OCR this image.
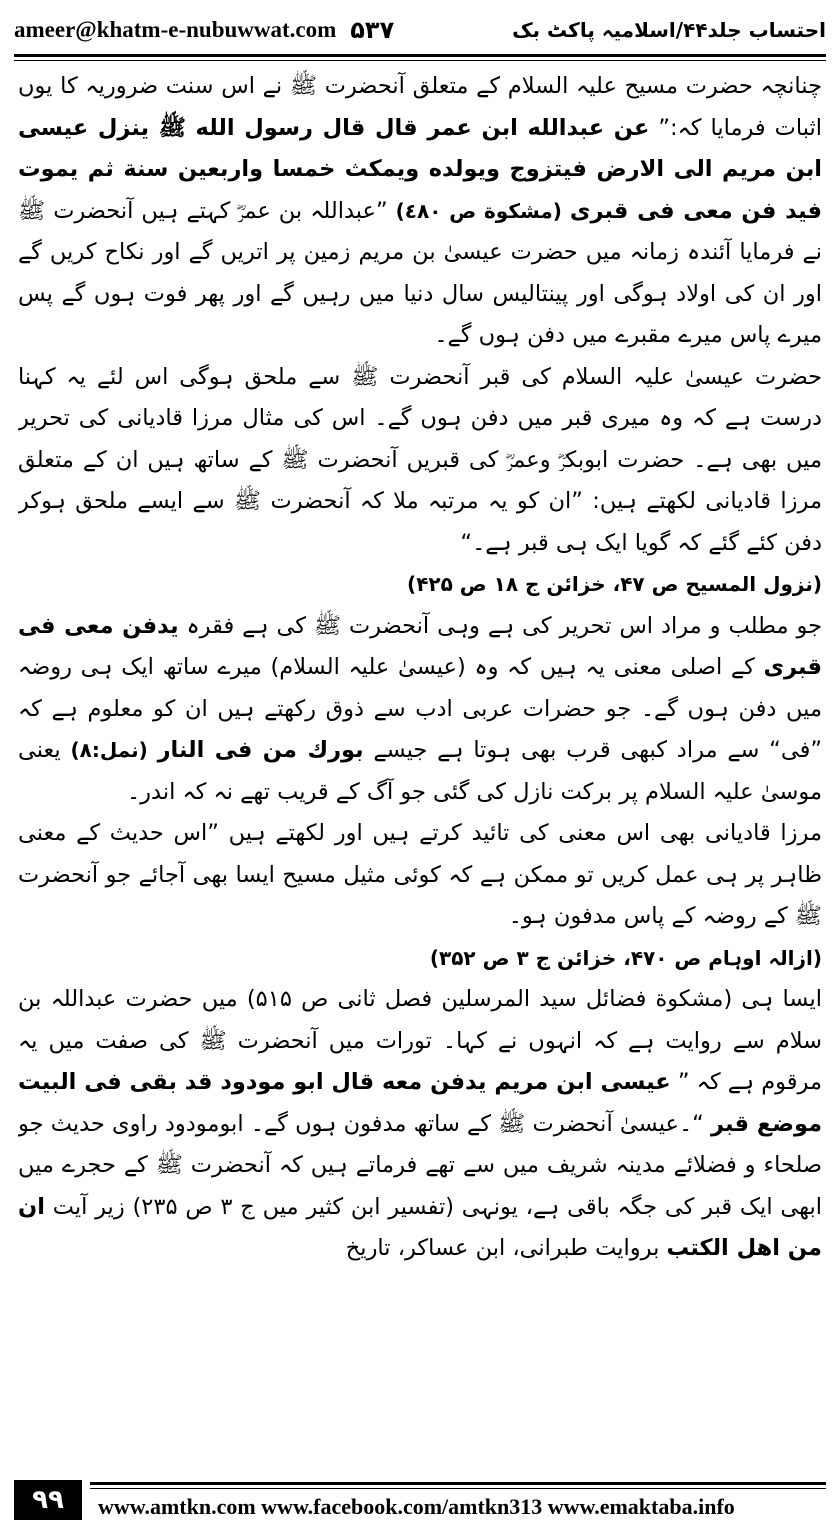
ameer@khatm-e-nubuwwat.com ۵۳۷	احتساب جلد۴۴/اسلامیہ پاکٹ بک

چنانچہ حضرت مسیح علیہ السلام کے متعلق آنحضرت ﷺ نے اس سنت ضروریہ کا یوں اثبات فرمایا کہ:” عن عبدالله ابن عمر قال قال رسول الله ﷺ ینزل عیسی ابن مریم الی الارض فیتزوج ویولده ویمکث خمسا واربعین سنة ثم یموت فید فن معی فی قبری (مشکوة ص ٤٨٠) ”عبداللہ بن عمرؓ کہتے ہیں آنحضرت ﷺ نے فرمایا آئندہ زمانہ میں حضرت عیسیٰ بن مریم زمین پر اتریں گے اور نکاح کریں گے اور ان کی اولاد ہوگی اور پینتالیس سال دنیا میں رہیں گے اور پھر فوت ہوں گے پس میرے پاس میرے مقبرے میں دفن ہوں گے۔

حضرت عیسیٰ علیہ السلام کی قبر آنحضرت ﷺ سے ملحق ہوگی اس لئے یہ کہنا درست ہے کہ وہ میری قبر میں دفن ہوں گے۔ اس کی مثال مرزا قادیانی کی تحریر میں بھی ہے۔ حضرت ابوبکرؓ وعمرؓ کی قبریں آنحضرت ﷺ کے ساتھ ہیں ان کے متعلق مرزا قادیانی لکھتے ہیں: ”ان کو یہ مرتبہ ملا کہ آنحضرت ﷺ سے ایسے ملحق ہوکر دفن کئے گئے کہ گویا ایک ہی قبر ہے۔“
(نزول المسیح ص ۴۷، خزائن ج ۱۸ ص ۴۲۵)

جو مطلب و مراد اس تحریر کی ہے وہی آنحضرت ﷺ کی ہے فقرہ یدفن معی فی قبری کے اصلی معنی یہ ہیں کہ وہ (عیسیٰ علیہ السلام) میرے ساتھ ایک ہی روضہ میں دفن ہوں گے۔ جو حضرات عربی ادب سے ذوق رکھتے ہیں ان کو معلوم ہے کہ ”فی“ سے مراد کبھی قرب بھی ہوتا ہے جیسے بورك من فی النار (نمل:۸) یعنی موسیٰ علیہ السلام پر برکت نازل کی گئی جو آگ کے قریب تھے نہ کہ اندر۔

مرزا قادیانی بھی اس معنی کی تائید کرتے ہیں اور لکھتے ہیں ”اس حدیث کے معنی ظاہر پر ہی عمل کریں تو ممکن ہے کہ کوئی مثیل مسیح ایسا بھی آجائے جو آنحضرت ﷺ کے روضہ کے پاس مدفون ہو۔
(ازالہ اوہام ص ۴۷۰، خزائن ج ۳ ص ۳۵۲)

ایسا ہی (مشکوة فضائل سید المرسلین فصل ثانی ص ۵۱۵) میں حضرت عبداللہ بن سلام سے روایت ہے کہ انہوں نے کہا۔ تورات میں آنحضرت ﷺ کی صفت میں یہ مرقوم ہے کہ ” عیسی ابن مریم یدفن معه قال ابو مودود قد بقی فی البیت موضع قبر “۔عیسیٰ آنحضرت ﷺ کے ساتھ مدفون ہوں گے۔ ابومودود راوی حدیث جو صلحاء و فضلائے مدینہ شریف میں سے تھے فرماتے ہیں کہ آنحضرت ﷺ کے حجرے میں ابھی ایک قبر کی جگہ باقی ہے، یونہی (تفسیر ابن کثیر میں ج ۳ ص ۲۳۵) زیر آیت ان من اهل الکتب بروایت طبرانی، ابن عساکر، تاریخ

۹۹	www.amtkn.com www.facebook.com/amtkn313 www.emaktaba.info
